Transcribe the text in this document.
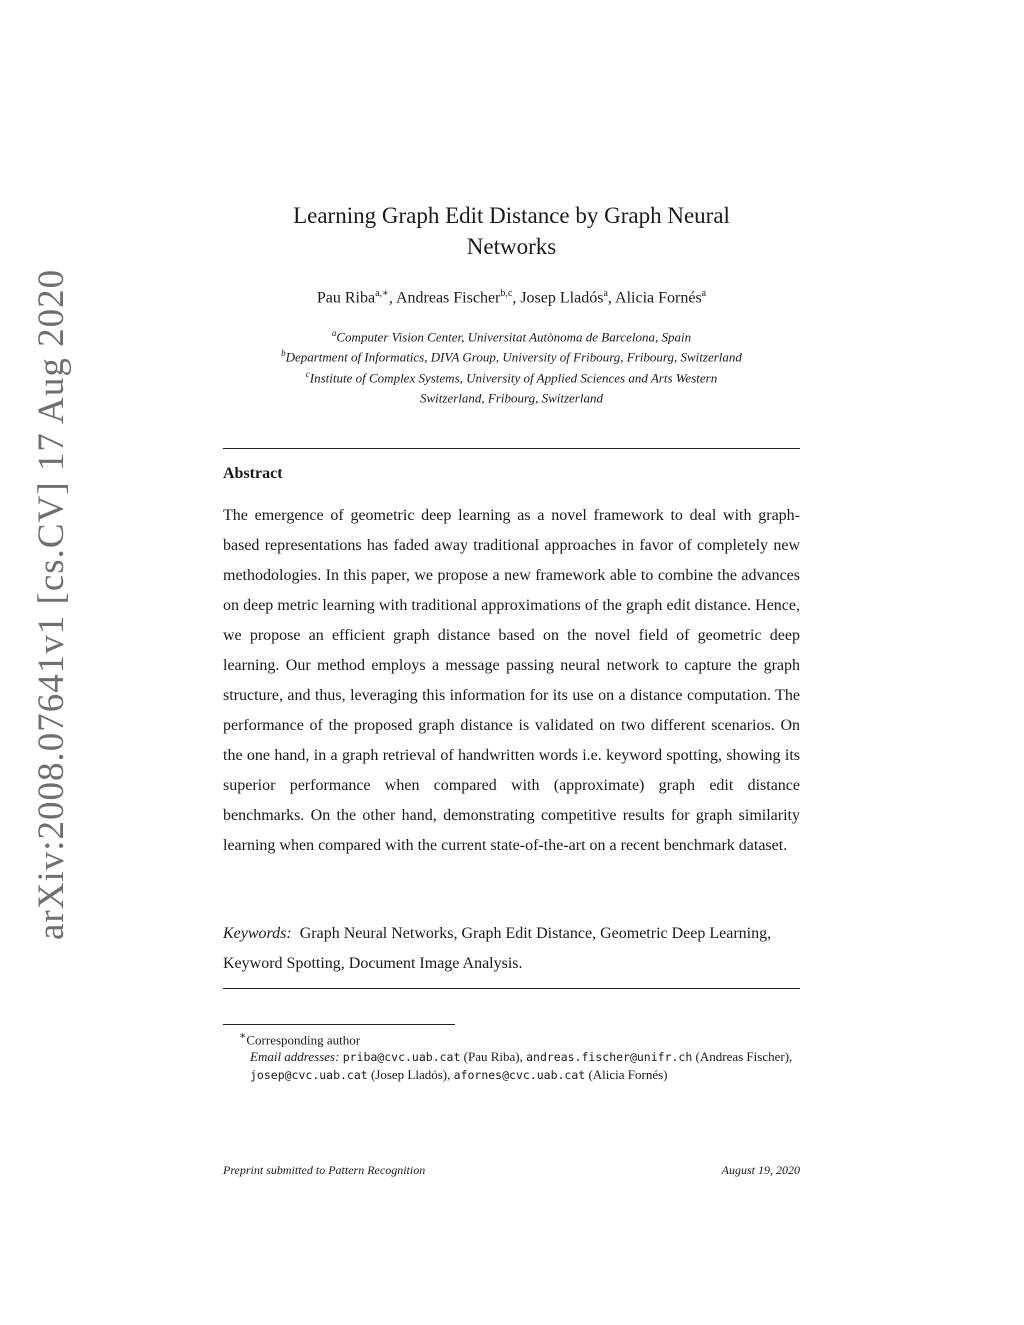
arXiv:2008.07641v1 [cs.CV] 17 Aug 2020
Learning Graph Edit Distance by Graph Neural
Networks
Pau Riba$^{a,∗}$, Andreas Fischer$^{b,c}$, Josep Lladós$^a$, Alicia Fornés$^a$
$^a$Computer Vision Center, Universitat Autònoma de Barcelona, Spain
$^b$Department of Informatics, DIVA Group, University of Fribourg, Fribourg, Switzerland
$^c$Institute of Complex Systems, University of Applied Sciences and Arts Western
Switzerland, Fribourg, Switzerland
Abstract

The emergence of geometric deep learning as a novel framework to deal with graph-based representations has faded away traditional approaches in favor of completely new methodologies. In this paper, we propose a new framework able to combine the advances on deep metric learning with traditional approximations of the graph edit distance. Hence, we propose an efficient graph distance based on the novel field of geometric deep learning. Our method employs a message passing neural network to capture the graph structure, and thus, leveraging this information for its use on a distance computation. The performance of the proposed graph distance is validated on two different scenarios. On the one hand, in a graph retrieval of handwritten words i.e. keyword spotting, showing its superior performance when compared with (approximate) graph edit distance benchmarks. On the other hand, demonstrating competitive results for graph similarity learning when compared with the current state-of-the-art on a recent benchmark dataset.

Keywords: Graph Neural Networks, Graph Edit Distance, Geometric Deep Learning, Keyword Spotting, Document Image Analysis.
∗Corresponding author
Email addresses: priba@cvc.uab.cat (Pau Riba), andreas.fischer@unifr.ch (Andreas Fischer), josep@cvc.uab.cat (Josep Lladós), afornes@cvc.uab.cat (Alicia Fornés)
Preprint submitted to Pattern Recognition	August 19, 2020
